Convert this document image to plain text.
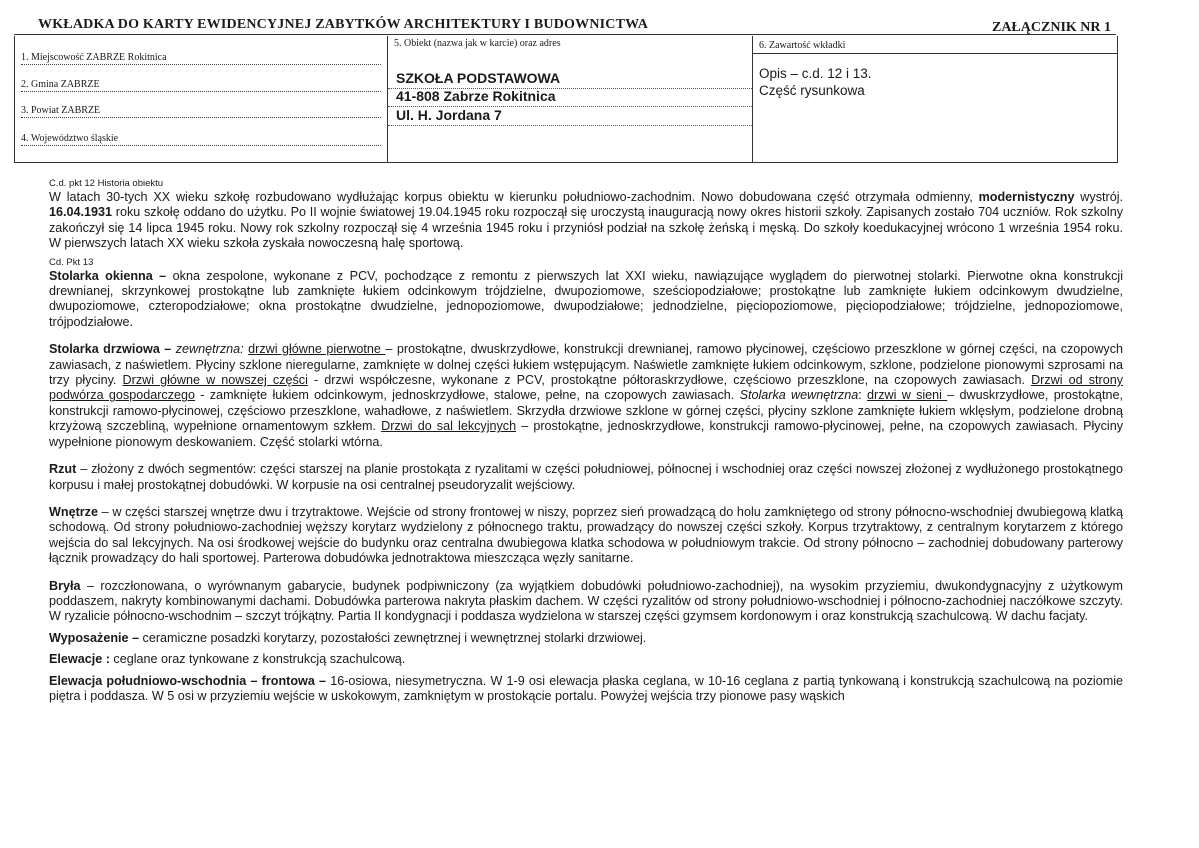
WKŁADKA DO KARTY EWIDENCYJNEJ ZABYTKÓW ARCHITEKTURY I BUDOWNICTWA	ZAŁĄCZNIK NR 1
1. Miejscowość ZABRZE Rokitnica
2. Gmina ZABRZE
3. Powiat ZABRZE
4. Województwo śląskie
5. Obiekt (nazwa jak w karcie) oraz adres
SZKOŁA PODSTAWOWA
41-808 Zabrze Rokitnica
Ul. H. Jordana 7
6. Zawartość wkładki
Opis – c.d. 12 i 13.
Część rysunkowa

C.d. pkt 12 Historia obiektu

W latach 30-tych XX wieku szkołę rozbudowano wydłużając korpus obiektu w kierunku południowo-zachodnim. Nowo dobudowana część otrzymała odmienny, modernistyczny wystrój. 16.04.1931 roku szkołę oddano do użytku. Po II wojnie światowej 19.04.1945 roku rozpoczął się uroczystą inauguracją nowy okres historii szkoły. Zapisanych zostało 704 uczniów. Rok szkolny zakończył się 14 lipca 1945 roku. Nowy rok szkolny rozpoczął się 4 września 1945 roku i przyniósł podział na szkołę żeńską i męską. Do szkoły koedukacyjnej wrócono 1 września 1954 roku. W pierwszych latach XX wieku szkoła zyskała nowoczesną halę sportową.

Cd. Pkt 13

Stolarka okienna – okna zespolone, wykonane z PCV, pochodzące z remontu z pierwszych lat XXI wieku, nawiązujące wyglądem do pierwotnej stolarki. Pierwotne okna konstrukcji drewnianej, skrzynkowej prostokątne lub zamknięte łukiem odcinkowym trójdzielne, dwupoziomowe, sześciopodziałowe; prostokątne lub zamknięte łukiem odcinkowym dwudzielne, dwupoziomowe, czteropodziałowe; okna prostokątne dwudzielne, jednopoziomowe, dwupodziałowe; jednodzielne, pięciopoziomowe, pięciopodziałowe; trójdzielne, jednopoziomowe, trójpodziałowe.

Stolarka drzwiowa – zewnętrzna: drzwi główne pierwotne – prostokątne, dwuskrzydłowe, konstrukcji drewnianej, ramowo płycinowej, częściowo przeszklone w górnej części, na czopowych zawiasach, z naświetlem. Płyciny szklone nieregularne, zamknięte w dolnej części łukiem wstępującym. Naświetle zamknięte łukiem odcinkowym, szklone, podzielone pionowymi szprosami na trzy płyciny. Drzwi główne w nowszej części - drzwi współczesne, wykonane z PCV, prostokątne półtoraskrzydłowe, częściowo przeszklone, na czopowych zawiasach. Drzwi od strony podwórza gospodarczego - zamknięte łukiem odcinkowym, jednoskrzydłowe, stalowe, pełne, na czopowych zawiasach. Stolarka wewnętrzna: drzwi w sieni – dwuskrzydłowe, prostokątne, konstrukcji ramowo-płycinowej, częściowo przeszklone, wahadłowe, z naświetlem. Skrzydła drzwiowe szklone w górnej części, płyciny szklone zamknięte łukiem wklęsłym, podzielone drobną krzyżową szczebliną, wypełnione ornamentowym szkłem. Drzwi do sal lekcyjnych – prostokątne, jednoskrzydłowe, konstrukcji ramowo-płycinowej, pełne, na czopowych zawiasach. Płyciny wypełnione pionowym deskowaniem. Część stolarki wtórna.

Rzut – złożony z dwóch segmentów: części starszej na planie prostokąta z ryzalitami w części południowej, północnej i wschodniej oraz części nowszej złożonej z wydłużonego prostokątnego korpusu i małej prostokątnej dobudówki. W korpusie na osi centralnej pseudoryzalit wejściowy.

Wnętrze – w części starszej wnętrze dwu i trzytraktowe. Wejście od strony frontowej w niszy, poprzez sień prowadzącą do holu zamkniętego od strony północno-wschodniej dwubiegową klatką schodową. Od strony południowo-zachodniej węższy korytarz wydzielony z północnego traktu, prowadzący do nowszej części szkoły. Korpus trzytraktowy, z centralnym korytarzem z którego wejścia do sal lekcyjnych. Na osi środkowej wejście do budynku oraz centralna dwubiegowa klatka schodowa w południowym trakcie. Od strony północno – zachodniej dobudowany parterowy łącznik prowadzący do hali sportowej. Parterowa dobudówka jednotraktowa mieszcząca węzły sanitarne.

Bryła – rozczłonowana, o wyrównanym gabarycie, budynek podpiwniczony (za wyjątkiem dobudówki południowo-zachodniej), na wysokim przyziemiu, dwukondygnacyjny z użytkowym poddaszem, nakryty kombinowanymi dachami. Dobudówka parterowa nakryta płaskim dachem. W części ryzalitów od strony południowo-wschodniej i północno-zachodniej naczółkowe szczyty. W ryzalicie północno-wschodnim – szczyt trójkątny. Partia II kondygnacji i poddasza wydzielona w starszej części gzymsem kordonowym i oraz konstrukcją szachulcową. W dachu facjaty.

Wyposażenie – ceramiczne posadzki korytarzy, pozostałości zewnętrznej i wewnętrznej stolarki drzwiowej.

Elewacje : ceglane oraz tynkowane z konstrukcją szachulcową.

Elewacja południowo-wschodnia – frontowa – 16-osiowa, niesymetryczna. W 1-9 osi elewacja płaska ceglana, w 10-16 ceglana z partią tynkowaną i konstrukcją szachulcową na poziomie piętra i poddasza. W 5 osi w przyziemiu wejście w uskokowym, zamkniętym w prostokącie portalu. Powyżej wejścia trzy pionowe pasy wąskich
